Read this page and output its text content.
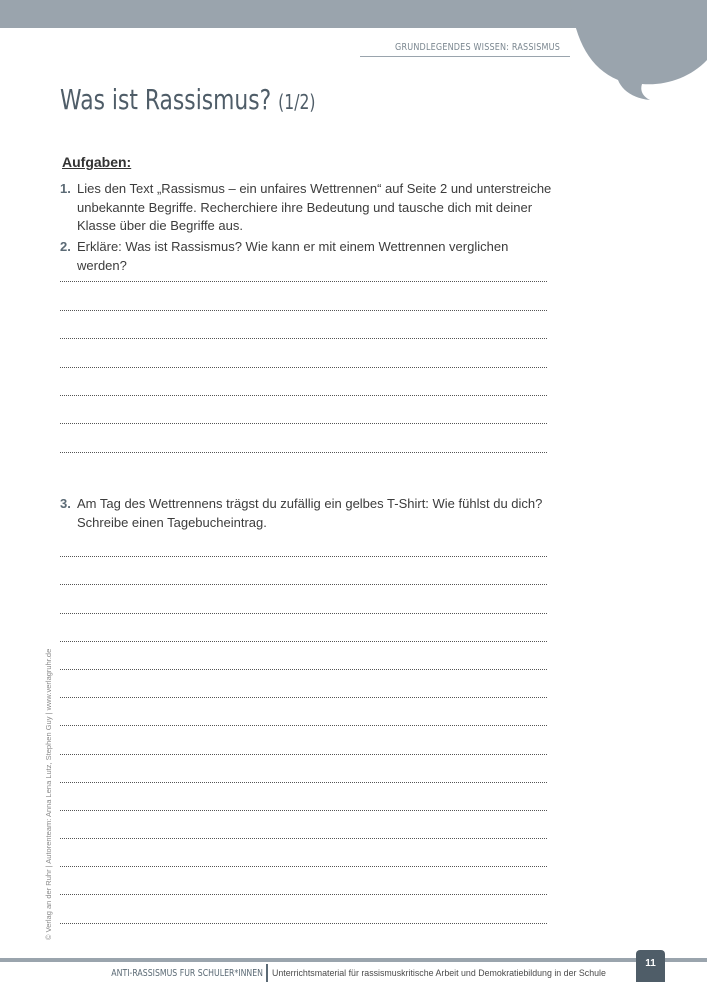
GRUNDLEGENDES WISSEN: RASSISMUS
Was ist Rassismus? (1/2)
Aufgaben:
1. Lies den Text „Rassismus – ein unfaires Wettrennen“ auf Seite 2 und unterstreiche unbekannte Begriffe. Recherchiere ihre Bedeutung und tausche dich mit deiner Klasse über die Begriffe aus.
2. Erkläre: Was ist Rassismus? Wie kann er mit einem Wettrennen verglichen werden?
3. Am Tag des Wettrennens trägst du zufällig ein gelbes T-Shirt: Wie fühlst du dich? Schreibe einen Tagebucheintrag.
© Verlag an der Ruhr | Autorenteam: Anna Lena Lutz, Stephen Guy | www.verlagruhr.de
ANTI-RASSISMUS FÜR SCHÜLER*INNEN Unterrichtsmaterial für rassismuskritische Arbeit und Demokratiebildung in der Schule
11
